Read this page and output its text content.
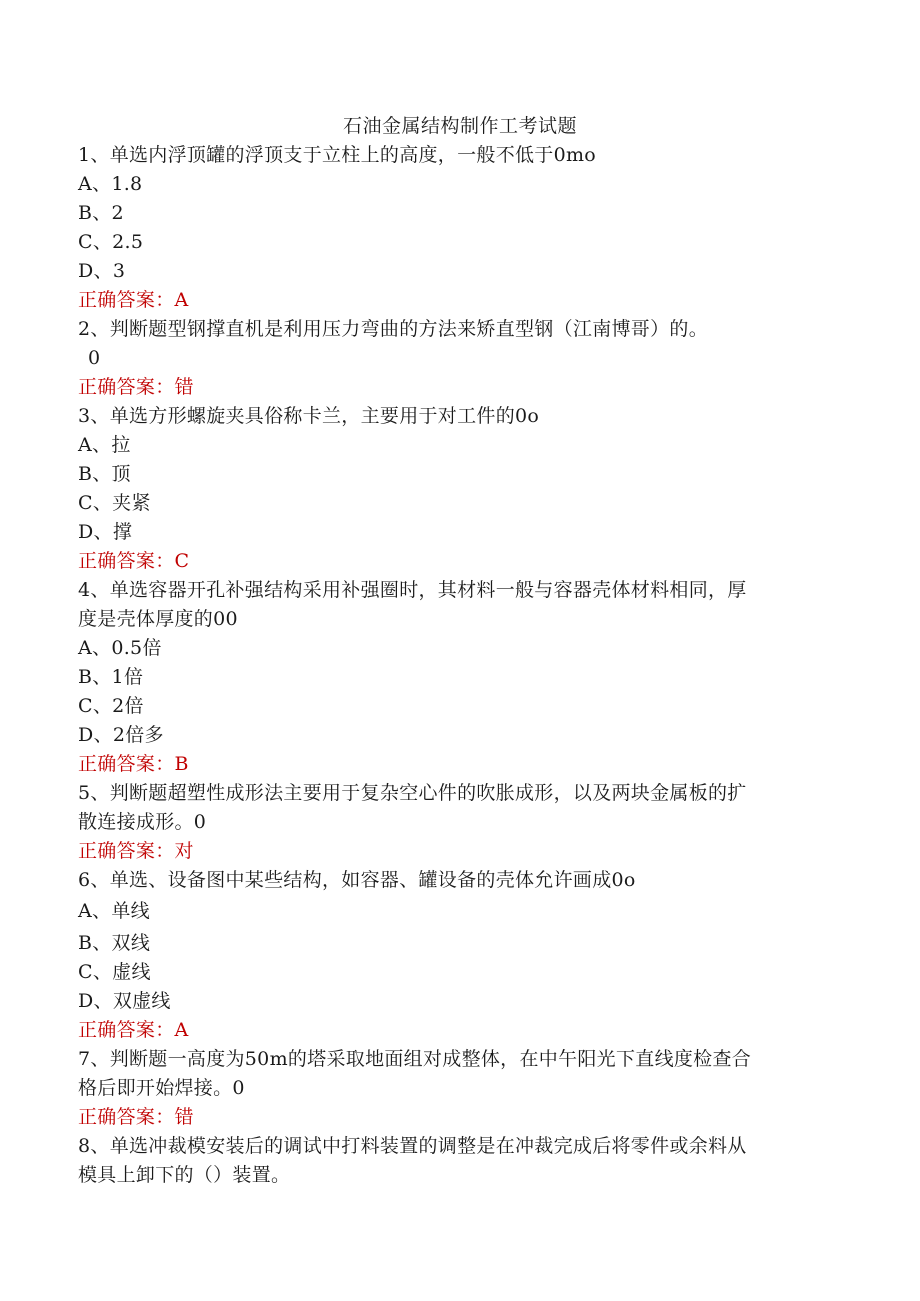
石油金属结构制作工考试题
1、单选内浮顶罐的浮顶支于立柱上的高度，一般不低于0mo
A、1.8
B、2
C、2.5
D、3
正确答案：A
2、判断题型钢撑直机是利用压力弯曲的方法来矫直型钢（江南博哥）的。
0
正确答案：错
3、单选方形螺旋夹具俗称卡兰，主要用于对工件的0o
A、拉
B、顶
C、夹紧
D、撑
正确答案：C
4、单选容器开孔补强结构采用补强圈时，其材料一般与容器壳体材料相同，厚
度是壳体厚度的00
A、0.5倍
B、1倍
C、2倍
D、2倍多
正确答案：B
5、判断题超塑性成形法主要用于复杂空心件的吹胀成形，以及两块金属板的扩
散连接成形。0
正确答案：对
6、单选、设备图中某些结构，如容器、罐设备的壳体允许画成0o
A、单线
B、双线
C、虚线
D、双虚线
正确答案：A
7、判断题一高度为50m的塔采取地面组对成整体，在中午阳光下直线度检查合
格后即开始焊接。0
正确答案：错
8、单选冲裁模安装后的调试中打料装置的调整是在冲裁完成后将零件或余料从
模具上卸下的（）装置。
